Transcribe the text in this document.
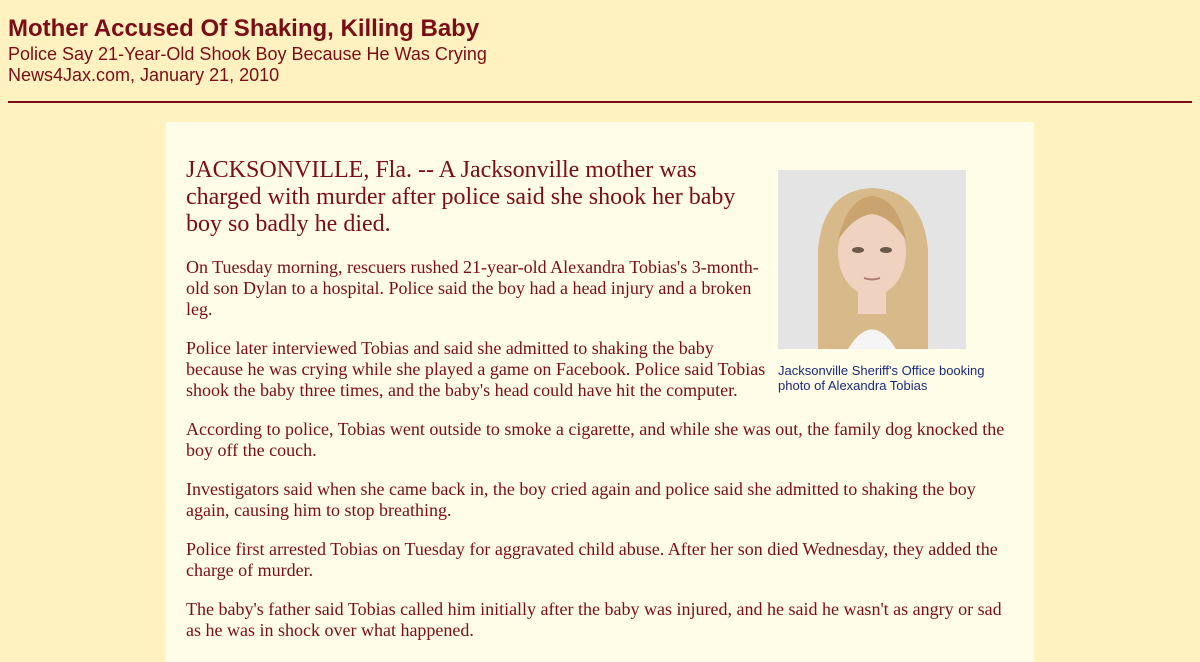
Mother Accused Of Shaking, Killing Baby

Police Say 21-Year-Old Shook Boy Because He Was Crying

News4Jax.com, January 21, 2010

Jacksonville Sheriff's Office booking photo of Alexandra Tobias

JACKSONVILLE, Fla. -- A Jacksonville mother was charged with murder after police said she shook her baby boy so badly he died.

On Tuesday morning, rescuers rushed 21-year-old Alexandra Tobias's 3-month-old son Dylan to a hospital. Police said the boy had a head injury and a broken leg.

Police later interviewed Tobias and said she admitted to shaking the baby because he was crying while she played a game on Facebook. Police said Tobias shook the baby three times, and the baby's head could have hit the computer.

According to police, Tobias went outside to smoke a cigarette, and while she was out, the family dog knocked the boy off the couch.

Investigators said when she came back in, the boy cried again and police said she admitted to shaking the boy again, causing him to stop breathing.

Police first arrested Tobias on Tuesday for aggravated child abuse. After her son died Wednesday, they added the charge of murder.

The baby's father said Tobias called him initially after the baby was injured, and he said he wasn't as angry or sad as he was in shock over what happened.
